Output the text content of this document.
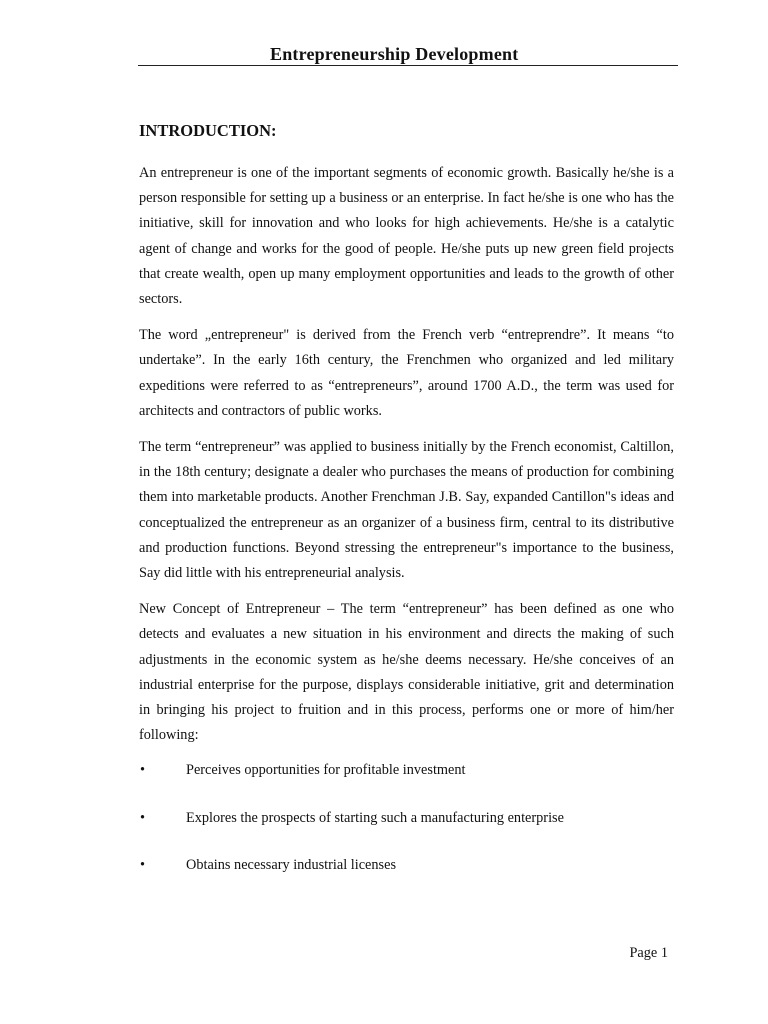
Entrepreneurship Development
INTRODUCTION:

An entrepreneur is one of the important segments of economic growth. Basically he/she is a person responsible for setting up a business or an enterprise. In fact he/she is one who has the initiative, skill for innovation and who looks for high achievements. He/she is a catalytic agent of change and works for the good of people. He/she puts up new green field projects that create wealth, open up many employment opportunities and leads to the growth of other sectors.

The word „entrepreneur" is derived from the French verb “entreprendre”. It means “to undertake”. In the early 16th century, the Frenchmen who organized and led military expeditions were referred to as “entrepreneurs”, around 1700 A.D., the term was used for architects and contractors of public works.

The term “entrepreneur” was applied to business initially by the French economist, Caltillon, in the 18th century; designate a dealer who purchases the means of production for combining them into marketable products. Another Frenchman J.B. Say, expanded Cantillon"s ideas and conceptualized the entrepreneur as an organizer of a business firm, central to its distributive and production functions. Beyond stressing the entrepreneur"s importance to the business, Say did little with his entrepreneurial analysis.

New Concept of Entrepreneur – The term “entrepreneur” has been defined as one who detects and evaluates a new situation in his environment and directs the making of such adjustments in the economic system as he/she deems necessary. He/she conceives of an industrial enterprise for the purpose, displays considerable initiative, grit and determination in bringing his project to fruition and in this process, performs one or more of him/her following:

•	Perceives opportunities for profitable investment
•	Explores the prospects of starting such a manufacturing enterprise
•	Obtains necessary industrial licenses
Page 1
